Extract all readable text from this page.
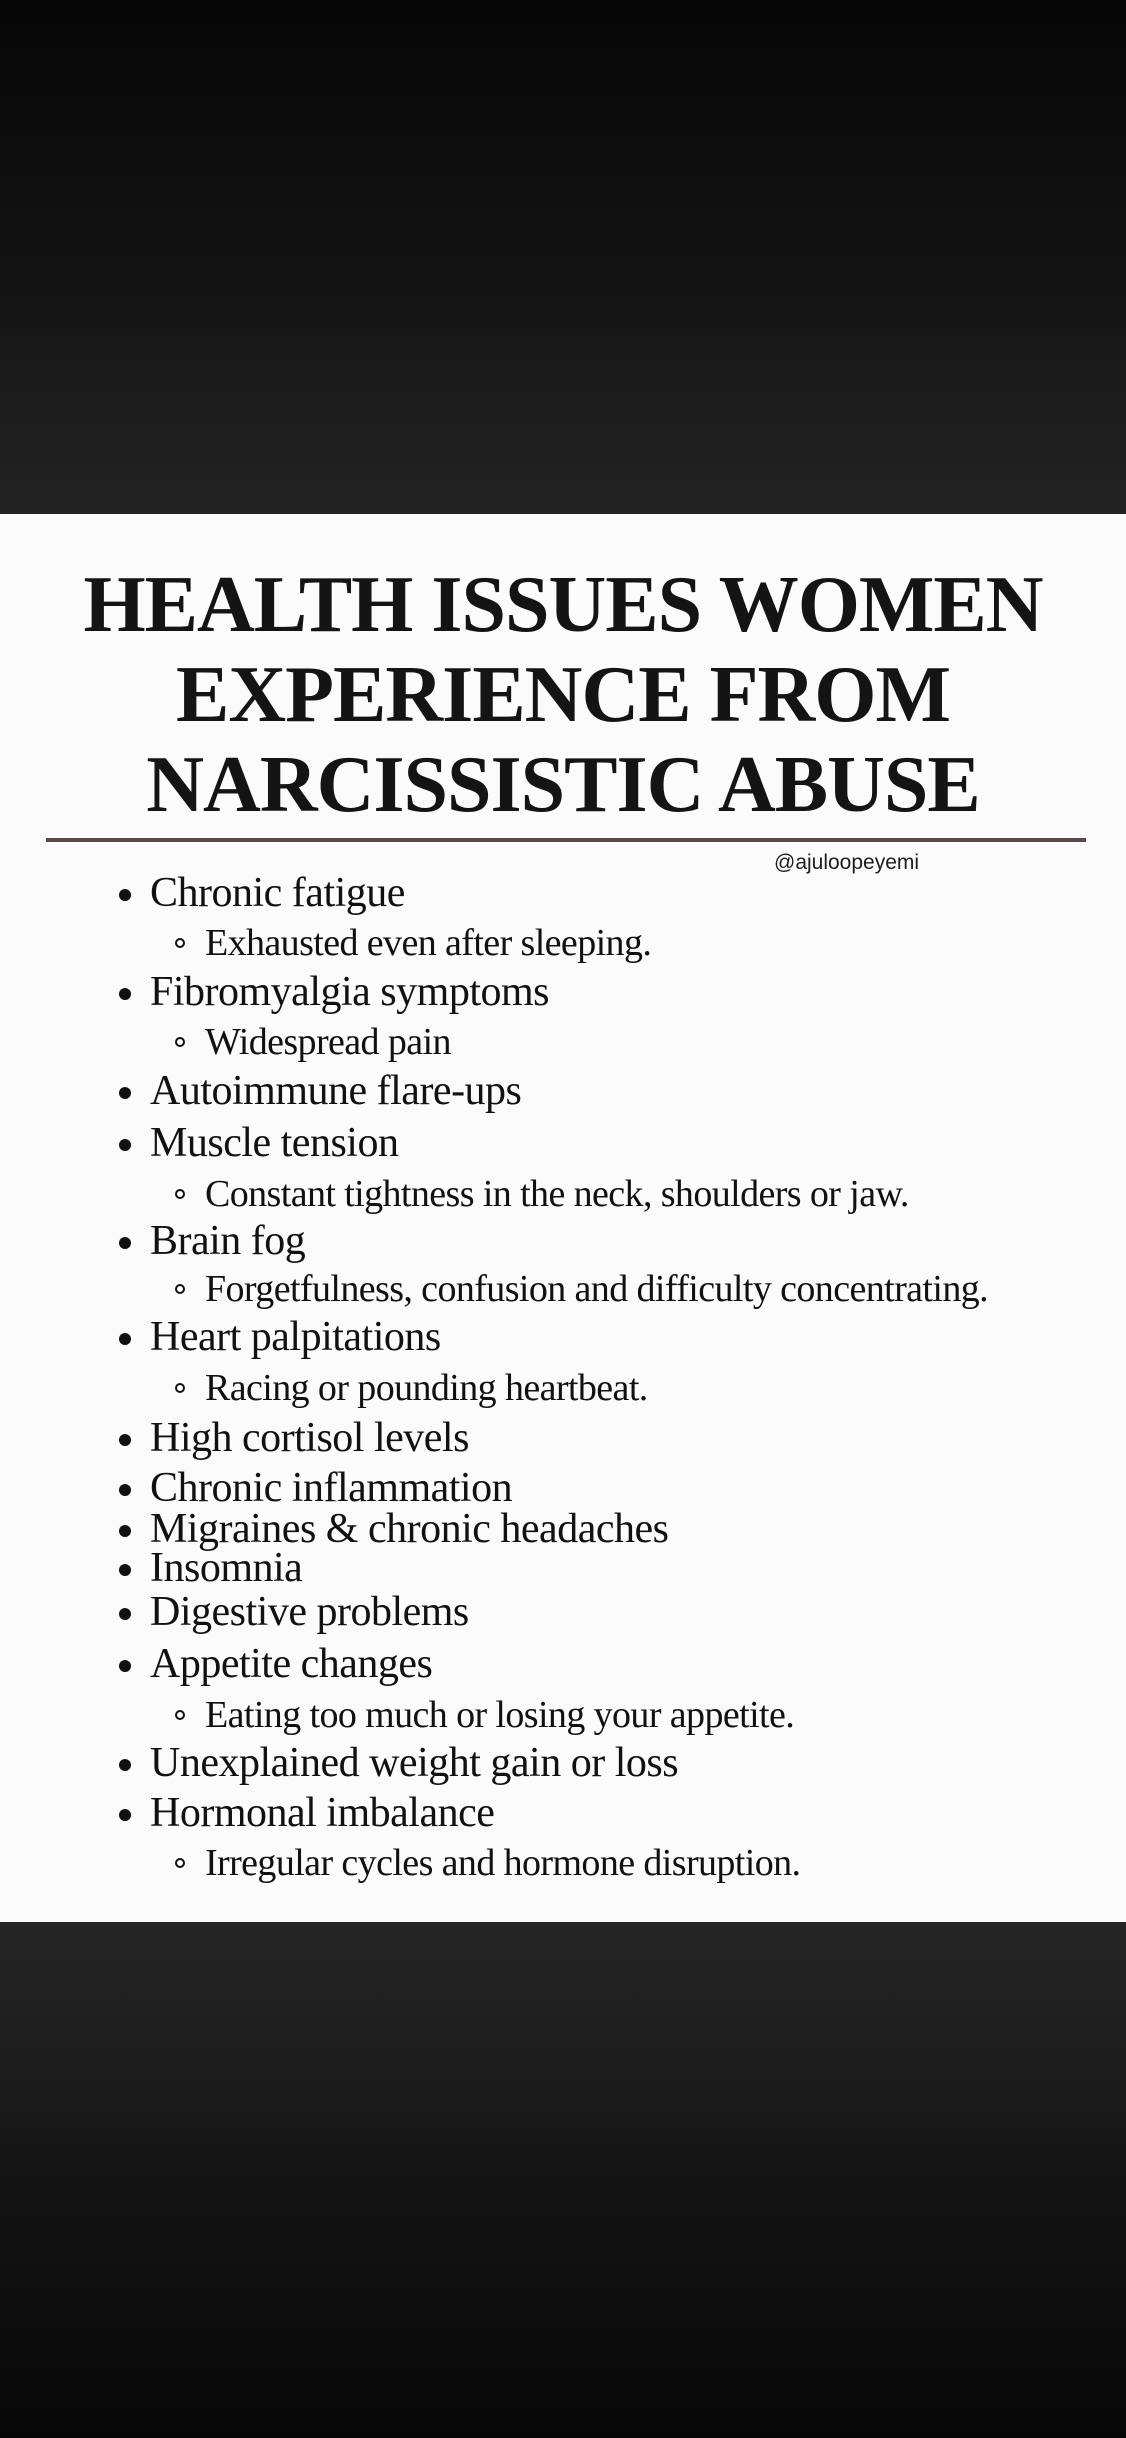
HEALTH ISSUES WOMEN
EXPERIENCE FROM
NARCISSISTIC ABUSE
@ajuloopeyemi
Chronic fatigue
Exhausted even after sleeping.
Fibromyalgia symptoms
Widespread pain
Autoimmune flare-ups
Muscle tension
Constant tightness in the neck, shoulders or jaw.
Brain fog
Forgetfulness, confusion and difficulty concentrating.
Heart palpitations
Racing or pounding heartbeat.
High cortisol levels
Chronic inflammation
Migraines & chronic headaches
Insomnia
Digestive problems
Appetite changes
Eating too much or losing your appetite.
Unexplained weight gain or loss
Hormonal imbalance
Irregular cycles and hormone disruption.
